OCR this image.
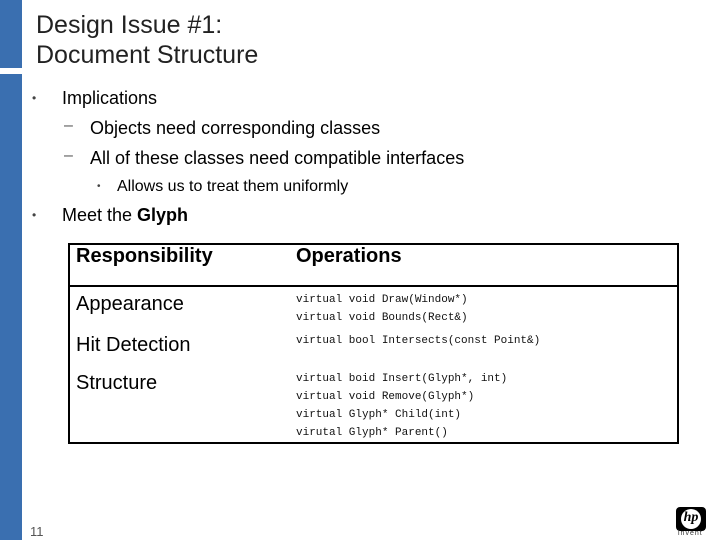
Design Issue #1:
Document Structure
• Implications
– Objects need corresponding classes
– All of these classes need compatible interfaces
• Allows us to treat them uniformly
• Meet the Glyph
Responsibility	Operations

Appearance	virtual void Draw(Window*)
virtual void Bounds(Rect&)

Hit Detection	virtual bool Intersects(const Point&)

Structure	virtual boid Insert(Glyph*, int)
virtual void Remove(Glyph*)
virtual Glyph* Child(int)
virutal Glyph* Parent()
11
hp
invent
